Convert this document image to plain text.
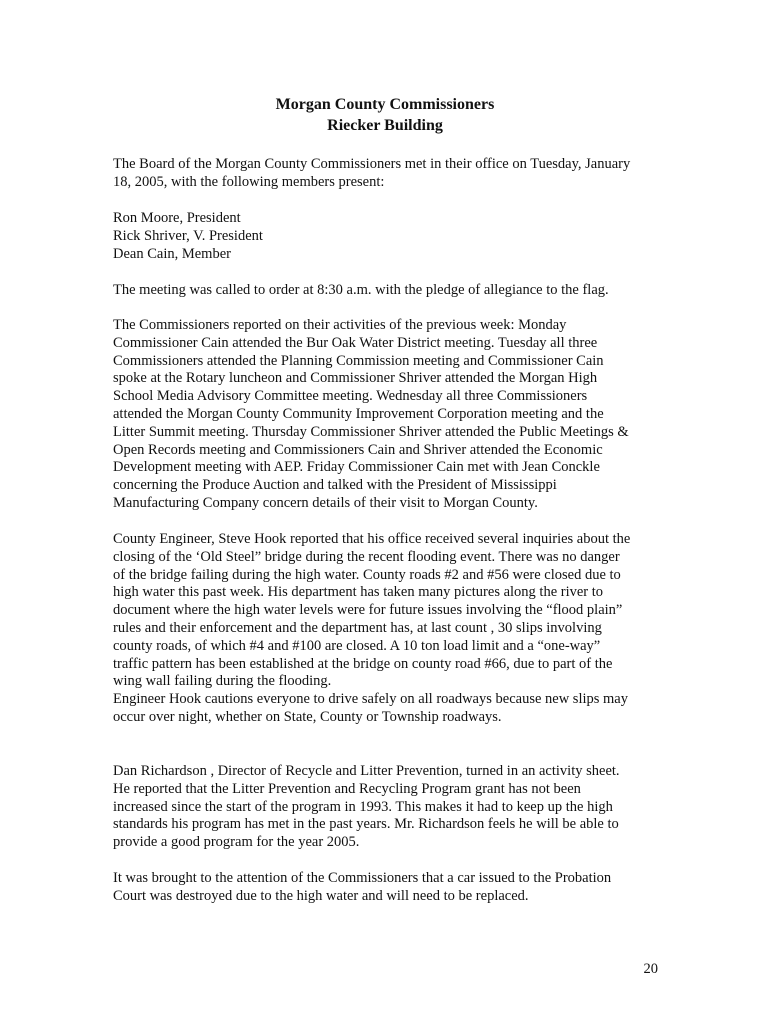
Morgan County Commissioners
Riecker Building
The Board of the Morgan County Commissioners met in their office on Tuesday, January
18, 2005, with the following members present:
Ron Moore, President
Rick Shriver, V. President
Dean Cain, Member
The meeting was called to order at 8:30 a.m. with the pledge of allegiance to the flag.
The Commissioners reported on their activities of the previous week: Monday
Commissioner Cain attended the Bur Oak Water District meeting. Tuesday all three
Commissioners attended the Planning Commission meeting and Commissioner Cain
spoke at the Rotary luncheon and Commissioner Shriver attended the Morgan High
School Media Advisory Committee meeting. Wednesday all three Commissioners
attended the Morgan County Community Improvement Corporation meeting and the
Litter Summit meeting. Thursday Commissioner Shriver attended the Public Meetings &
Open Records meeting and Commissioners Cain and Shriver attended the Economic
Development meeting with AEP. Friday Commissioner Cain met with Jean Conckle
concerning the Produce Auction and talked with the President of Mississippi
Manufacturing Company concern details of their visit to Morgan County.
County Engineer, Steve Hook reported that his office received several inquiries about the
closing of the ‘Old Steel” bridge during the recent flooding event. There was no danger
of the bridge failing during the high water. County roads #2 and #56 were closed due to
high water this past week. His department has taken many pictures along the river to
document where the high water levels were for future issues involving the “flood plain”
rules and their enforcement and the department has, at last count , 30 slips involving
county roads, of which #4 and #100 are closed. A 10 ton load limit and a “one-way”
traffic pattern has been established at the bridge on county road #66, due to part of the
wing wall failing during the flooding.
Engineer Hook cautions everyone to drive safely on all roadways because new slips may
occur over night, whether on State, County or Township roadways.
Dan Richardson , Director of Recycle and Litter Prevention, turned in an activity sheet.
He reported that the Litter Prevention and Recycling Program grant has not been
increased since the start of the program in 1993. This makes it had to keep up the high
standards his program has met in the past years. Mr. Richardson feels he will be able to
provide a good program for the year 2005.
It was brought to the attention of the Commissioners that a car issued to the Probation
Court was destroyed due to the high water and will need to be replaced.
20
